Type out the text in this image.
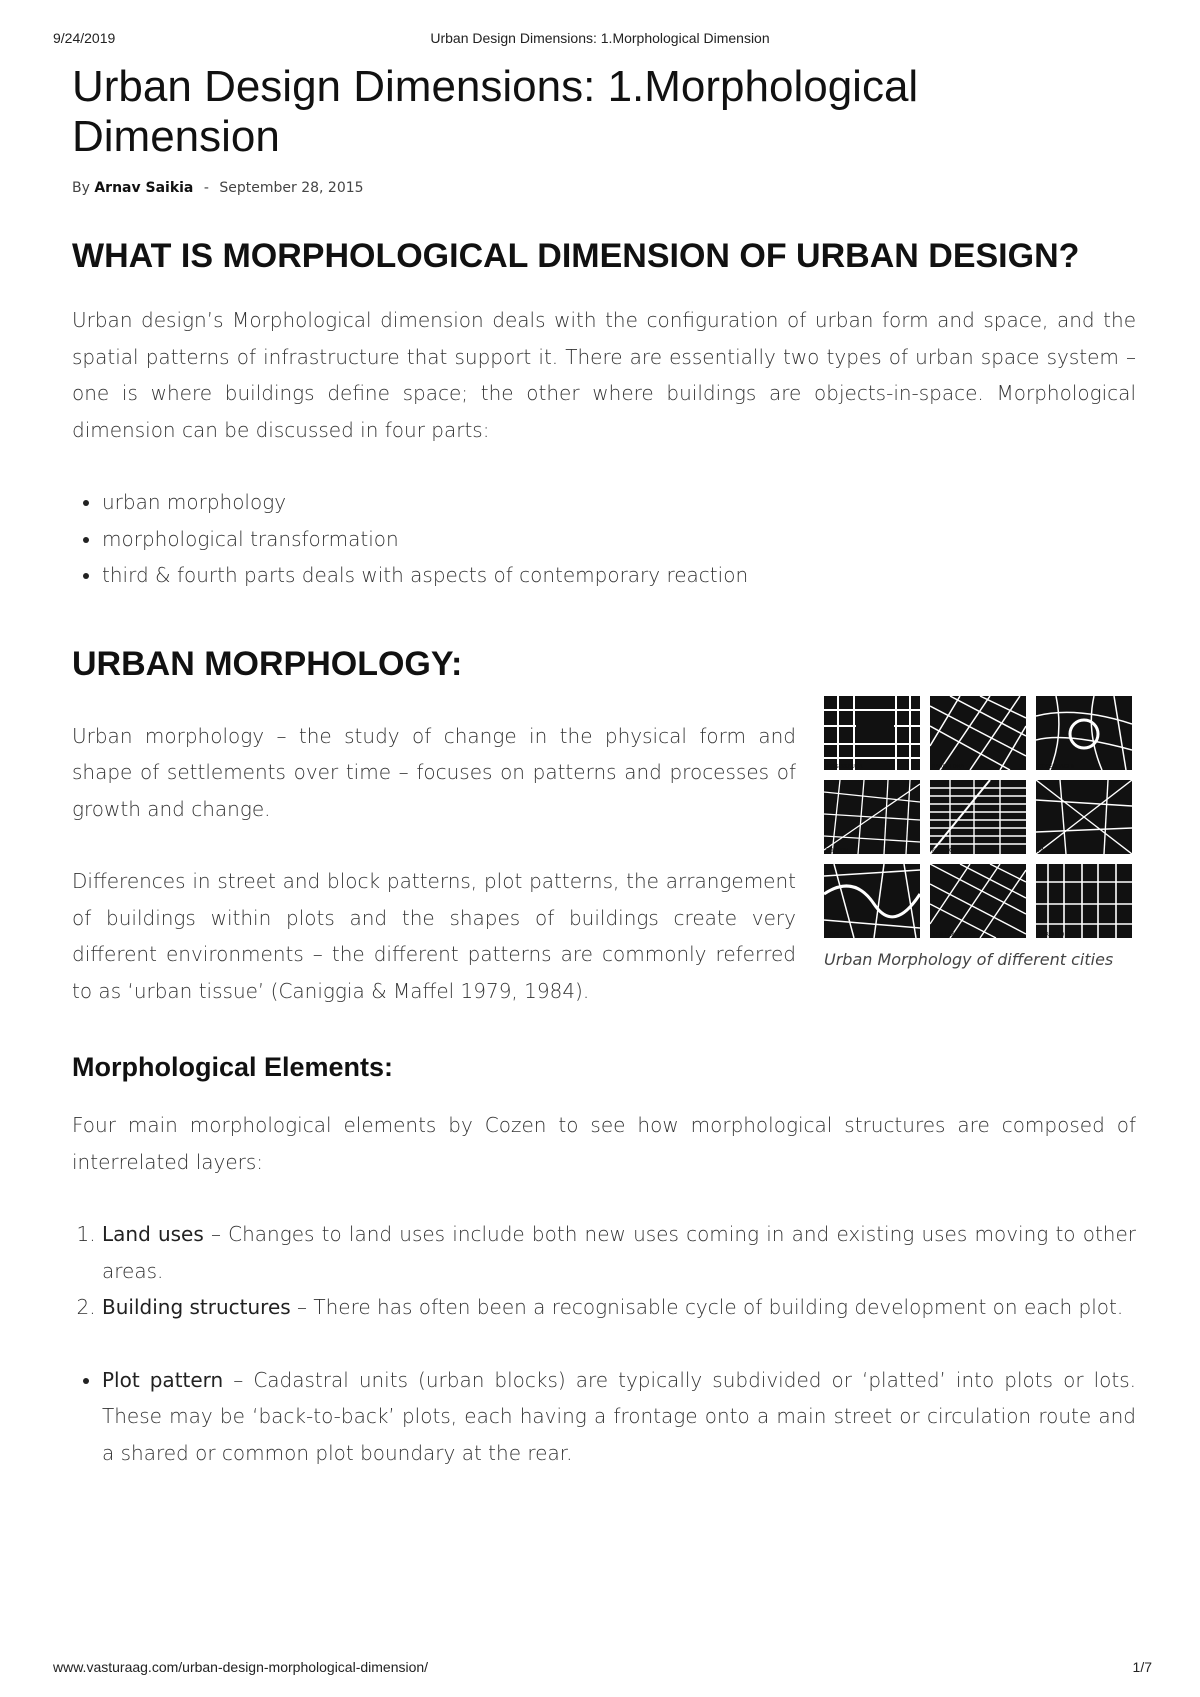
9/24/2019	Urban Design Dimensions: 1.Morphological Dimension
Urban Design Dimensions: 1.Morphological Dimension
By Arnav Saikia - September 28, 2015
WHAT IS MORPHOLOGICAL DIMENSION OF URBAN DESIGN?

Urban design’s Morphological dimension deals with the configuration of urban form and space, and the spatial patterns of infrastructure that support it. There are essentially two types of urban space system – one is where buildings define space; the other where buildings are objects-in-space. Morphological dimension can be discussed in four parts:

• urban morphology
• morphological transformation
• third & fourth parts deals with aspects of contemporary reaction
URBAN MORPHOLOGY:
MISSISSAUGA	BARCELONA	COPENHAGEN
BOSTON	NEW YORK	PARIS
ROME	SAN FRANCISCO	TORONTO
Urban Morphology of different cities

Urban morphology – the study of change in the physical form and shape of settlements over time – focuses on patterns and processes of growth and change.

Differences in street and block patterns, plot patterns, the arrangement of buildings within plots and the shapes of buildings create very different environments – the different patterns are commonly referred to as ‘urban tissue’ (Caniggia & Maffel 1979, 1984).

Morphological Elements:

Four main morphological elements by Cozen to see how morphological structures are composed of interrelated layers:

1. Land uses – Changes to land uses include both new uses coming in and existing uses moving to other areas.
2. Building structures – There has often been a recognisable cycle of building development on each plot.
• Plot pattern – Cadastral units (urban blocks) are typically subdivided or ‘platted’ into plots or lots. These may be ‘back-to-back’ plots, each having a frontage onto a main street or circulation route and a shared or common plot boundary at the rear.
www.vasturaag.com/urban-design-morphological-dimension/	1/7
